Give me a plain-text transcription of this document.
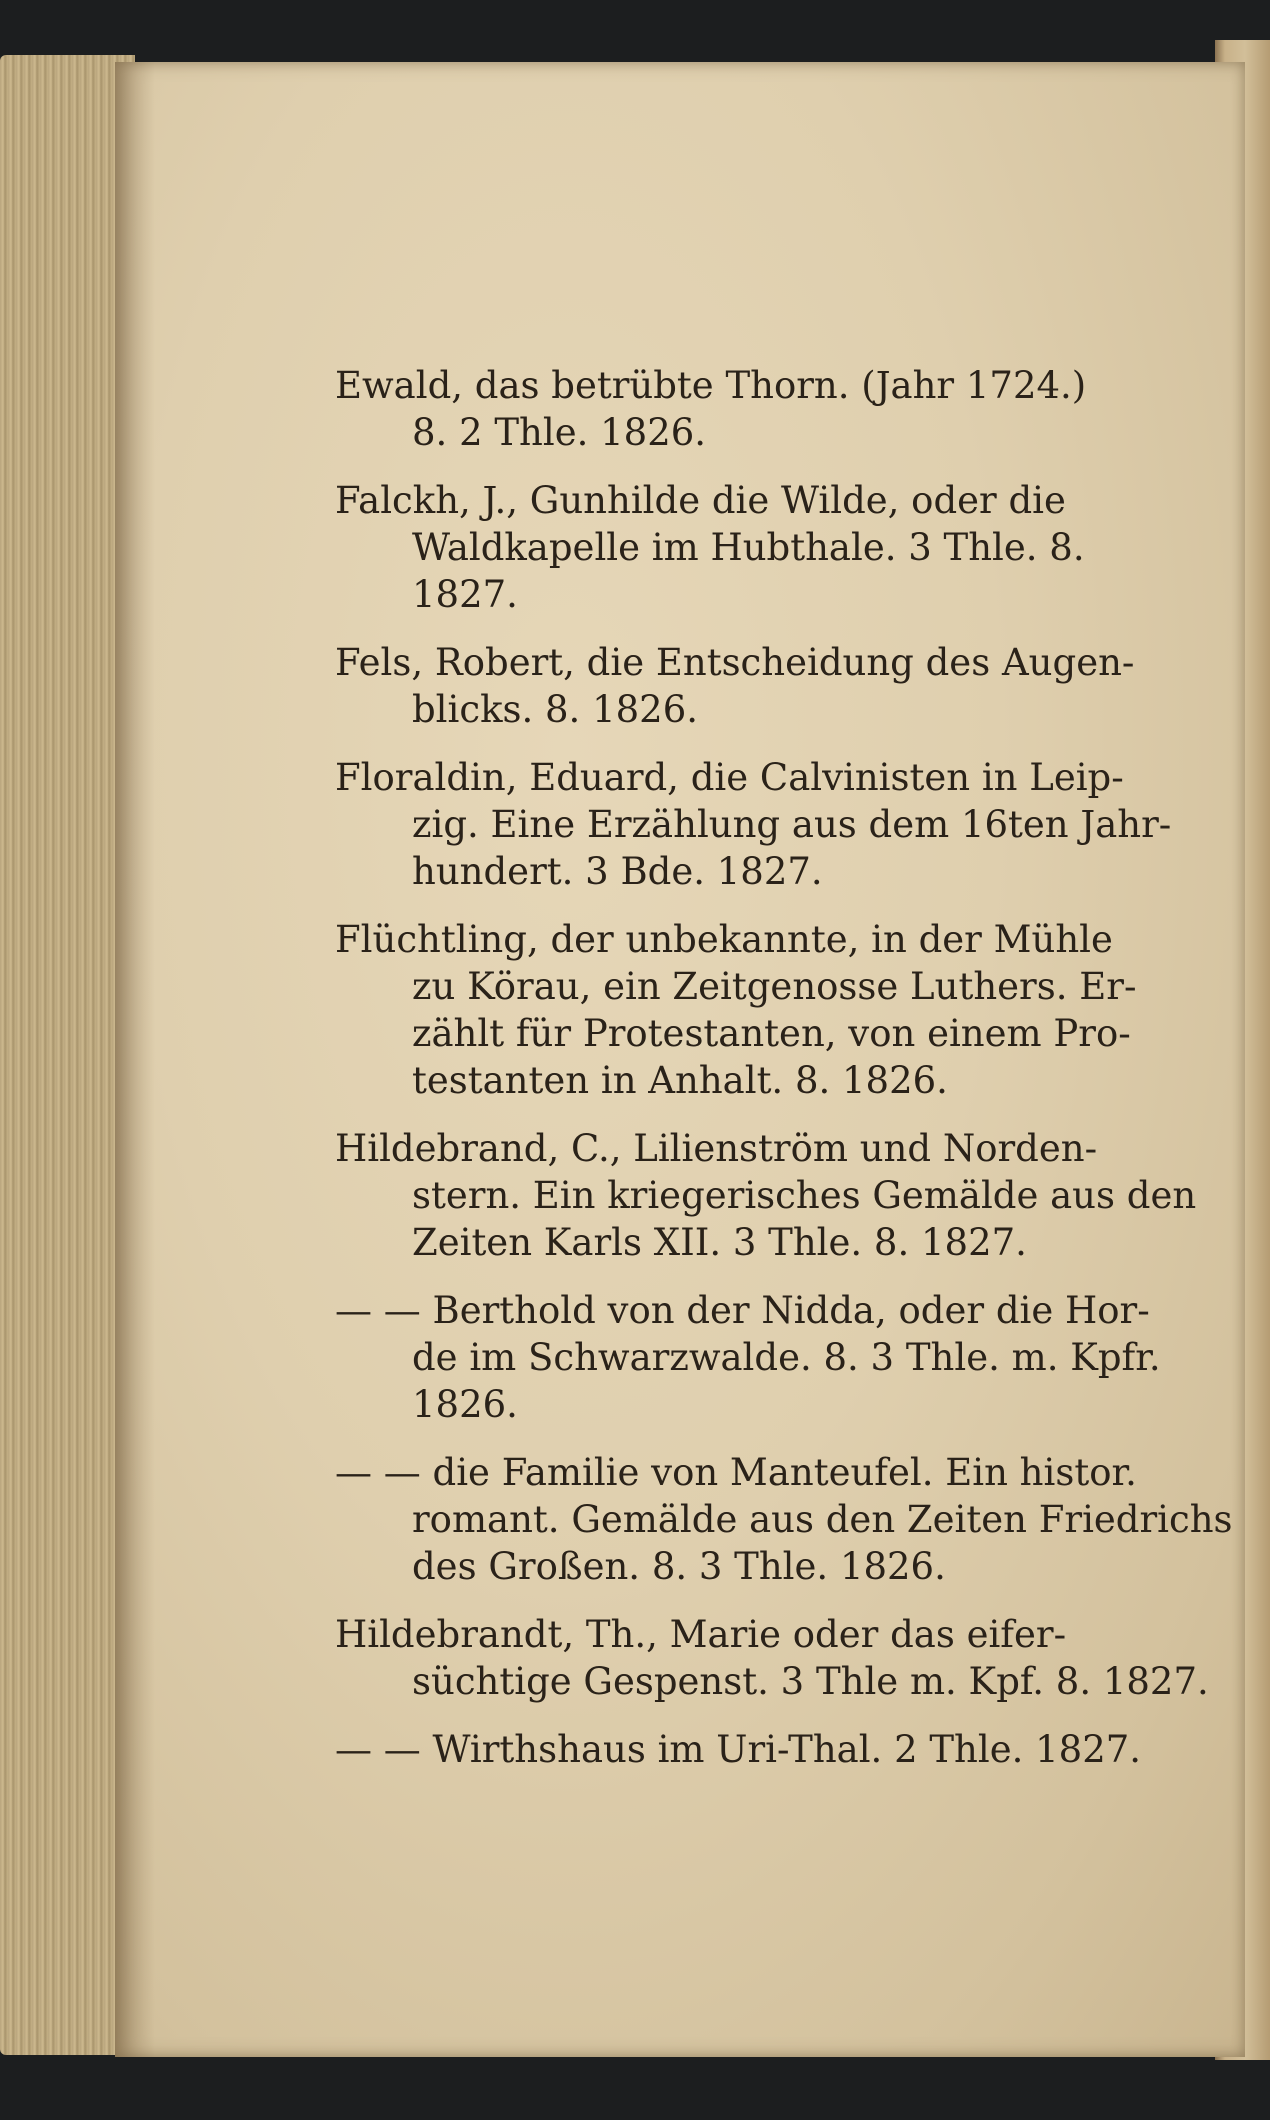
Ewald, das betrübte Thorn. (Jahr 1724.)
8. 2 Thle. 1826.
Falckh, J., Gunhilde die Wilde, oder die
Waldkapelle im Hubthale. 3 Thle. 8.
1827.
Fels, Robert, die Entscheidung des Augen-
blicks. 8. 1826.
Floraldin, Eduard, die Calvinisten in Leip-
zig. Eine Erzählung aus dem 16ten Jahr-
hundert. 3 Bde. 1827.
Flüchtling, der unbekannte, in der Mühle
zu Körau, ein Zeitgenosse Luthers. Er-
zählt für Protestanten, von einem Pro-
testanten in Anhalt. 8. 1826.
Hildebrand, C., Lilienström und Norden-
stern. Ein kriegerisches Gemälde aus den
Zeiten Karls XII. 3 Thle. 8. 1827.
— — Berthold von der Nidda, oder die Hor-
de im Schwarzwalde. 8. 3 Thle. m. Kpfr.
1826.
— — die Familie von Manteufel. Ein histor.
romant. Gemälde aus den Zeiten Friedrichs
des Großen. 8. 3 Thle. 1826.
Hildebrandt, Th., Marie oder das eifer-
süchtige Gespenst. 3 Thle m. Kpf. 8. 1827.
— — Wirthshaus im Uri-Thal. 2 Thle. 1827.
